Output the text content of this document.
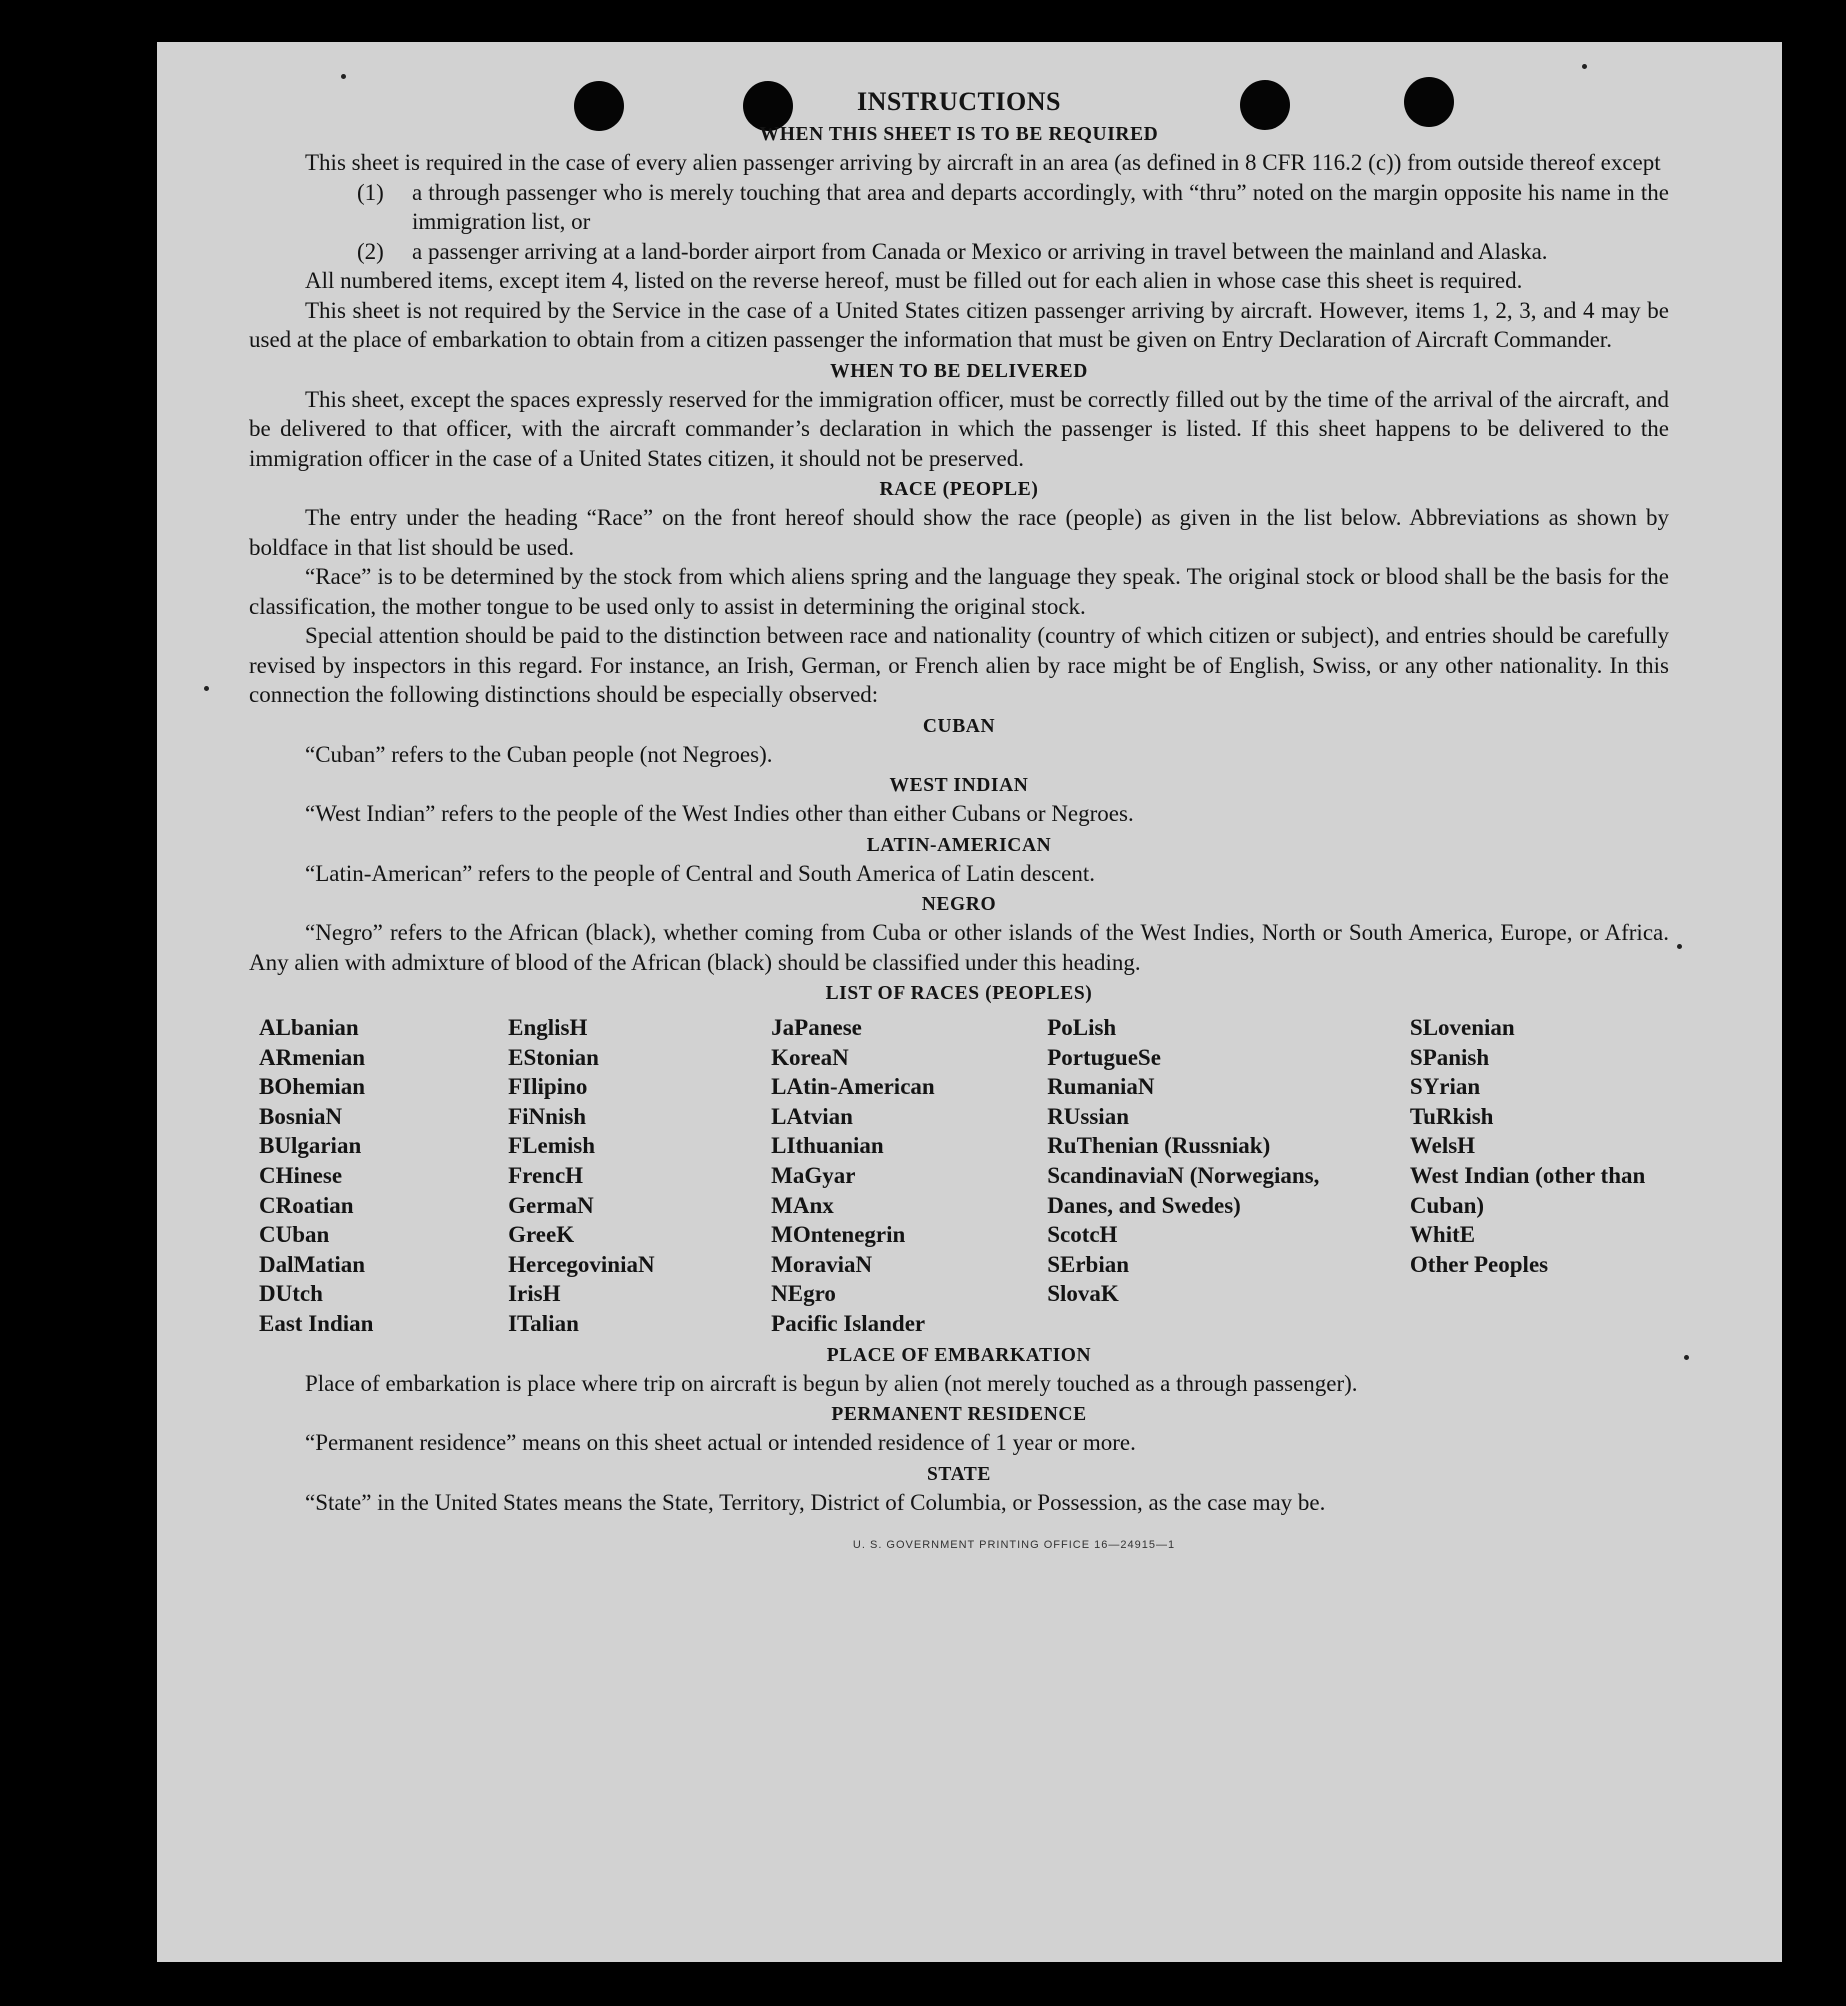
INSTRUCTIONS
WHEN THIS SHEET IS TO BE REQUIRED

This sheet is required in the case of every alien passenger arriving by aircraft in an area (as defined in 8 CFR 116.2 (c)) from outside thereof except

(1)	a through passenger who is merely touching that area and departs accordingly, with “thru” noted on the margin opposite his name in the immigration list, or
(2)	a passenger arriving at a land-border airport from Canada or Mexico or arriving in travel between the mainland and Alaska.

All numbered items, except item 4, listed on the reverse hereof, must be filled out for each alien in whose case this sheet is required.

This sheet is not required by the Service in the case of a United States citizen passenger arriving by aircraft. However, items 1, 2, 3, and 4 may be used at the place of embarkation to obtain from a citizen passenger the information that must be given on Entry Declaration of Aircraft Commander.

WHEN TO BE DELIVERED

This sheet, except the spaces expressly reserved for the immigration officer, must be correctly filled out by the time of the arrival of the aircraft, and be delivered to that officer, with the aircraft commander’s declaration in which the passenger is listed. If this sheet happens to be delivered to the immigration officer in the case of a United States citizen, it should not be preserved.

RACE (PEOPLE)

The entry under the heading “Race” on the front hereof should show the race (people) as given in the list below. Abbreviations as shown by boldface in that list should be used.

“Race” is to be determined by the stock from which aliens spring and the language they speak. The original stock or blood shall be the basis for the classification, the mother tongue to be used only to assist in determining the original stock.

Special attention should be paid to the distinction between race and nationality (country of which citizen or subject), and entries should be carefully revised by inspectors in this regard. For instance, an Irish, German, or French alien by race might be of English, Swiss, or any other nationality. In this connection the following distinctions should be especially observed:

CUBAN

“Cuban” refers to the Cuban people (not Negroes).

WEST INDIAN

“West Indian” refers to the people of the West Indies other than either Cubans or Negroes.

LATIN-AMERICAN

“Latin-American” refers to the people of Central and South America of Latin descent.

NEGRO

“Negro” refers to the African (black), whether coming from Cuba or other islands of the West Indies, North or South America, Europe, or Africa. Any alien with admixture of blood of the African (black) should be classified under this heading.

LIST OF RACES (PEOPLES)
ALbanian
ARmenian
BOhemian
BosniaN
BUlgarian
CHinese
CRoatian
CUban
DalMatian
DUtch
East Indian
EnglisH
EStonian
FIlipino
FiNnish
FLemish
FrencH
GermaN
GreeK
HercegoviniaN
IrisH
ITalian
JaPanese
KoreaN
LAtin-American
LAtvian
LIthuanian
MaGyar
MAnx
MOntenegrin
MoraviaN
NEgro
Pacific Islander
PoLish
PortugueSe
RumaniaN
RUssian
RuThenian (Russniak)
ScandinaviaN (Norwegians, Danes, and Swedes)
ScotcH
SErbian
SlovaK
SLovenian
SPanish
SYrian
TuRkish
WelsH
West Indian (other than Cuban)
WhitE
Other Peoples
PLACE OF EMBARKATION

Place of embarkation is place where trip on aircraft is begun by alien (not merely touched as a through passenger).

PERMANENT RESIDENCE

“Permanent residence” means on this sheet actual or intended residence of 1 year or more.

STATE

“State” in the United States means the State, Territory, District of Columbia, or Possession, as the case may be.

U. S. GOVERNMENT PRINTING OFFICE 16—24915—1
